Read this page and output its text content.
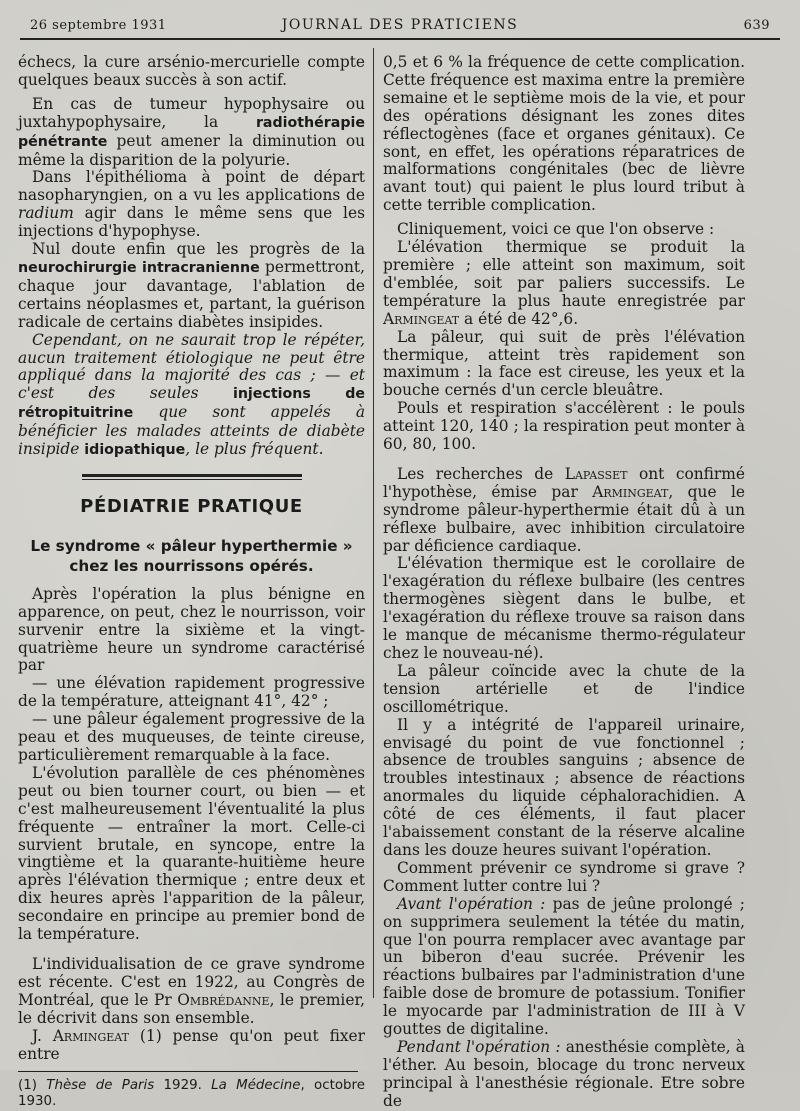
26 septembre 1931	JOURNAL DES PRATICIENS	639

échecs, la cure arsénio-mercurielle compte quelques beaux succès à son actif.

En cas de tumeur hypophysaire ou juxtahypophysaire, la radiothérapie pénétrante peut amener la diminution ou même la disparition de la polyurie.

Dans l'épithélioma à point de départ nasopharyngien, on a vu les applications de radium agir dans le même sens que les injections d'hypophyse.

Nul doute enfin que les progrès de la neurochirurgie intracranienne permettront, chaque jour davantage, l'ablation de certains néoplasmes et, partant, la guérison radicale de certains diabètes insipides.

Cependant, on ne saurait trop le répéter, aucun traitement étiologique ne peut ȇtre appliqué dans la majorité des cas ; — et c'est des seules injections de rétropituitrine que sont appelés à bénéficier les malades atteints de diabète insipide idiopathique, le plus fréquent.

PÉDIATRIE PRATIQUE
Le syndrome « pâleur hyperthermie »
chez les nourrissons opérés.

Après l'opération la plus bénigne en apparence, on peut, chez le nourrisson, voir survenir entre la sixième et la vingt-quatrième heure un syndrome caractérisé par

— une élévation rapidement progressive de la température, atteignant 41°, 42° ;

— une pâleur également progressive de la peau et des muqueuses, de teinte cireuse, particulièrement remarquable à la face.

L'évolution parallèle de ces phénomènes peut ou bien tourner court, ou bien — et c'est malheureusement l'éventualité la plus fréquente — entraîner la mort. Celle-ci survient brutale, en syncope, entre la vingtième et la quarante-huitième heure après l'élévation thermique ; entre deux et dix heures après l'apparition de la pâleur, secondaire en principe au premier bond de la température.

L'individualisation de ce grave syndrome est récente. C'est en 1922, au Congrès de Montréal, que le Pr Ombrédanne, le premier, le décrivit dans son ensemble.

J. Armingeat (1) pense qu'on peut fixer entre

(1) Thèse de Paris 1929. La Médecine, octobre 1930.

0,5 et 6 % la fréquence de cette complication. Cette fréquence est maxima entre la première semaine et le septième mois de la vie, et pour des opérations désignant les zones dites réflectogènes (face et organes génitaux). Ce sont, en effet, les opérations réparatrices de malformations congénitales (bec de lièvre avant tout) qui paient le plus lourd tribut à cette terrible complication.

Cliniquement, voici ce que l'on observe :

L'élévation thermique se produit la première ; elle atteint son maximum, soit d'emblée, soit par paliers successifs. Le température la plus haute enregistrée par Armingeat a été de 42°,6.

La pâleur, qui suit de près l'élévation thermique, atteint très rapidement son maximum : la face est cireuse, les yeux et la bouche cernés d'un cercle bleuâtre.

Pouls et respiration s'accélèrent : le pouls atteint 120, 140 ; la respiration peut monter à 60, 80, 100.

Les recherches de Lapasset ont confirmé l'hypothèse, émise par Armingeat, que le syndrome pâleur-hyperthermie était dû à un réflexe bulbaire, avec inhibition circulatoire par déficience cardiaque.

L'élévation thermique est le corollaire de l'exagération du réflexe bulbaire (les centres thermogènes siègent dans le bulbe, et l'exagération du réflexe trouve sa raison dans le manque de mécanisme thermo-régulateur chez le nouveau-né).

La pâleur coïncide avec la chute de la tension artérielle et de l'indice oscillométrique.

Il y a intégrité de l'appareil urinaire, envisagé du point de vue fonctionnel ; absence de troubles sanguins ; absence de troubles intestinaux ; absence de réactions anormales du liquide céphalorachidien. A côté de ces éléments, il faut placer l'abaissement constant de la réserve alcaline dans les douze heures suivant l'opération.

Comment prévenir ce syndrome si grave ? Comment lutter contre lui ?

Avant l'opération : pas de jeûne prolongé ; on supprimera seulement la tétée du matin, que l'on pourra remplacer avec avantage par un biberon d'eau sucrée. Prévenir les réactions bulbaires par l'administration d'une faible dose de bromure de potassium. Tonifier le myocarde par l'administration de III à V gouttes de digitaline.

Pendant l'opération : anesthésie complète, à l'éther. Au besoin, blocage du tronc nerveux principal à l'anesthésie régionale. Etre sobre de
